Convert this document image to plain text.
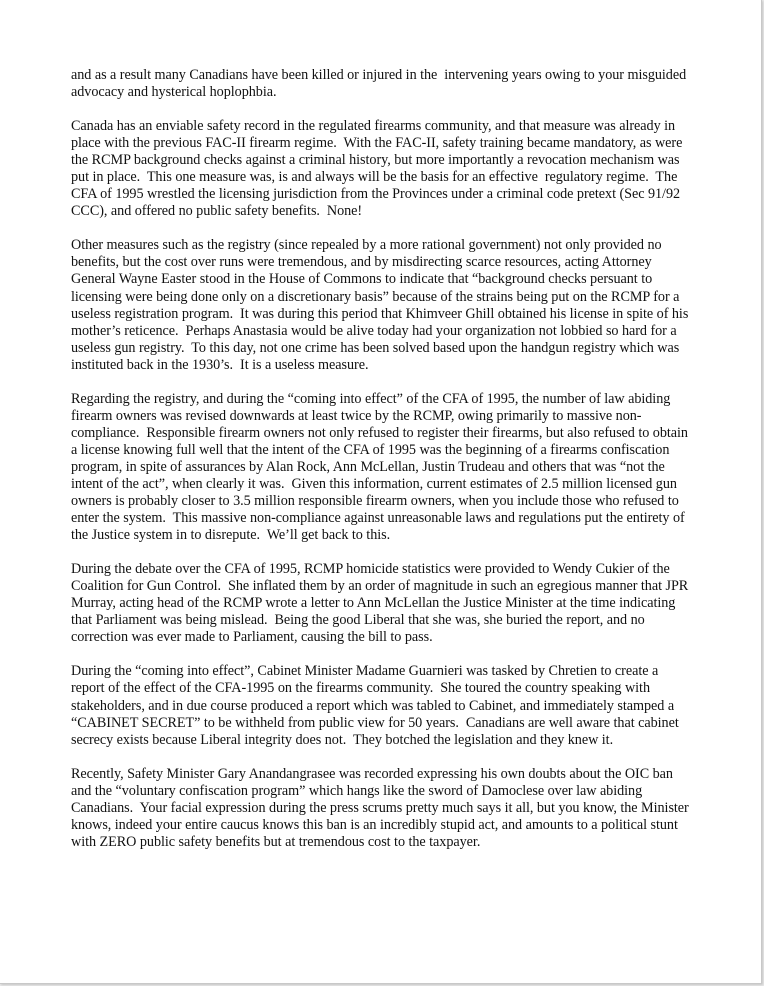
and as a result many Canadians have been killed or injured in the  intervening years owing to your misguided advocacy and hysterical hoplophbia.

Canada has an enviable safety record in the regulated firearms community, and that measure was already in place with the previous FAC-II firearm regime.  With the FAC-II, safety training became mandatory, as were the RCMP background checks against a criminal history, but more importantly a revocation mechanism was put in place.  This one measure was, is and always will be the basis for an effective  regulatory regime.  The CFA of 1995 wrestled the licensing jurisdiction from the Provinces under a criminal code pretext (Sec 91/92 CCC), and offered no public safety benefits.  None!

Other measures such as the registry (since repealed by a more rational government) not only provided no benefits, but the cost over runs were tremendous, and by misdirecting scarce resources, acting Attorney General Wayne Easter stood in the House of Commons to indicate that “background checks persuant to licensing were being done only on a discretionary basis” because of the strains being put on the RCMP for a useless registration program.  It was during this period that Khimveer Ghill obtained his license in spite of his mother’s reticence.  Perhaps Anastasia would be alive today had your organization not lobbied so hard for a useless gun registry.  To this day, not one crime has been solved based upon the handgun registry which was instituted back in the 1930’s.  It is a useless measure.

Regarding the registry, and during the “coming into effect” of the CFA of 1995, the number of law abiding firearm owners was revised downwards at least twice by the RCMP, owing primarily to massive non-compliance.  Responsible firearm owners not only refused to register their firearms, but also refused to obtain a license knowing full well that the intent of the CFA of 1995 was the beginning of a firearms confiscation program, in spite of assurances by Alan Rock, Ann McLellan, Justin Trudeau and others that was “not the intent of the act”, when clearly it was.  Given this information, current estimates of 2.5 million licensed gun owners is probably closer to 3.5 million responsible firearm owners, when you include those who refused to enter the system.  This massive non-compliance against unreasonable laws and regulations put the entirety of the Justice system in to disrepute.  We’ll get back to this.

During the debate over the CFA of 1995, RCMP homicide statistics were provided to Wendy Cukier of the Coalition for Gun Control.  She inflated them by an order of magnitude in such an egregious manner that JPR Murray, acting head of the RCMP wrote a letter to Ann McLellan the Justice Minister at the time indicating that Parliament was being mislead.  Being the good Liberal that she was, she buried the report, and no correction was ever made to Parliament, causing the bill to pass.

During the “coming into effect”, Cabinet Minister Madame Guarnieri was tasked by Chretien to create a report of the effect of the CFA-1995 on the firearms community.  She toured the country speaking with stakeholders, and in due course produced a report which was tabled to Cabinet, and immediately stamped a “CABINET SECRET” to be withheld from public view for 50 years.  Canadians are well aware that cabinet secrecy exists because Liberal integrity does not.  They botched the legislation and they knew it.

Recently, Safety Minister Gary Anandangrasee was recorded expressing his own doubts about the OIC ban and the “voluntary confiscation program” which hangs like the sword of Damoclese over law abiding Canadians.  Your facial expression during the press scrums pretty much says it all, but you know, the Minister knows, indeed your entire caucus knows this ban is an incredibly stupid act, and amounts to a political stunt with ZERO public safety benefits but at tremendous cost to the taxpayer.
